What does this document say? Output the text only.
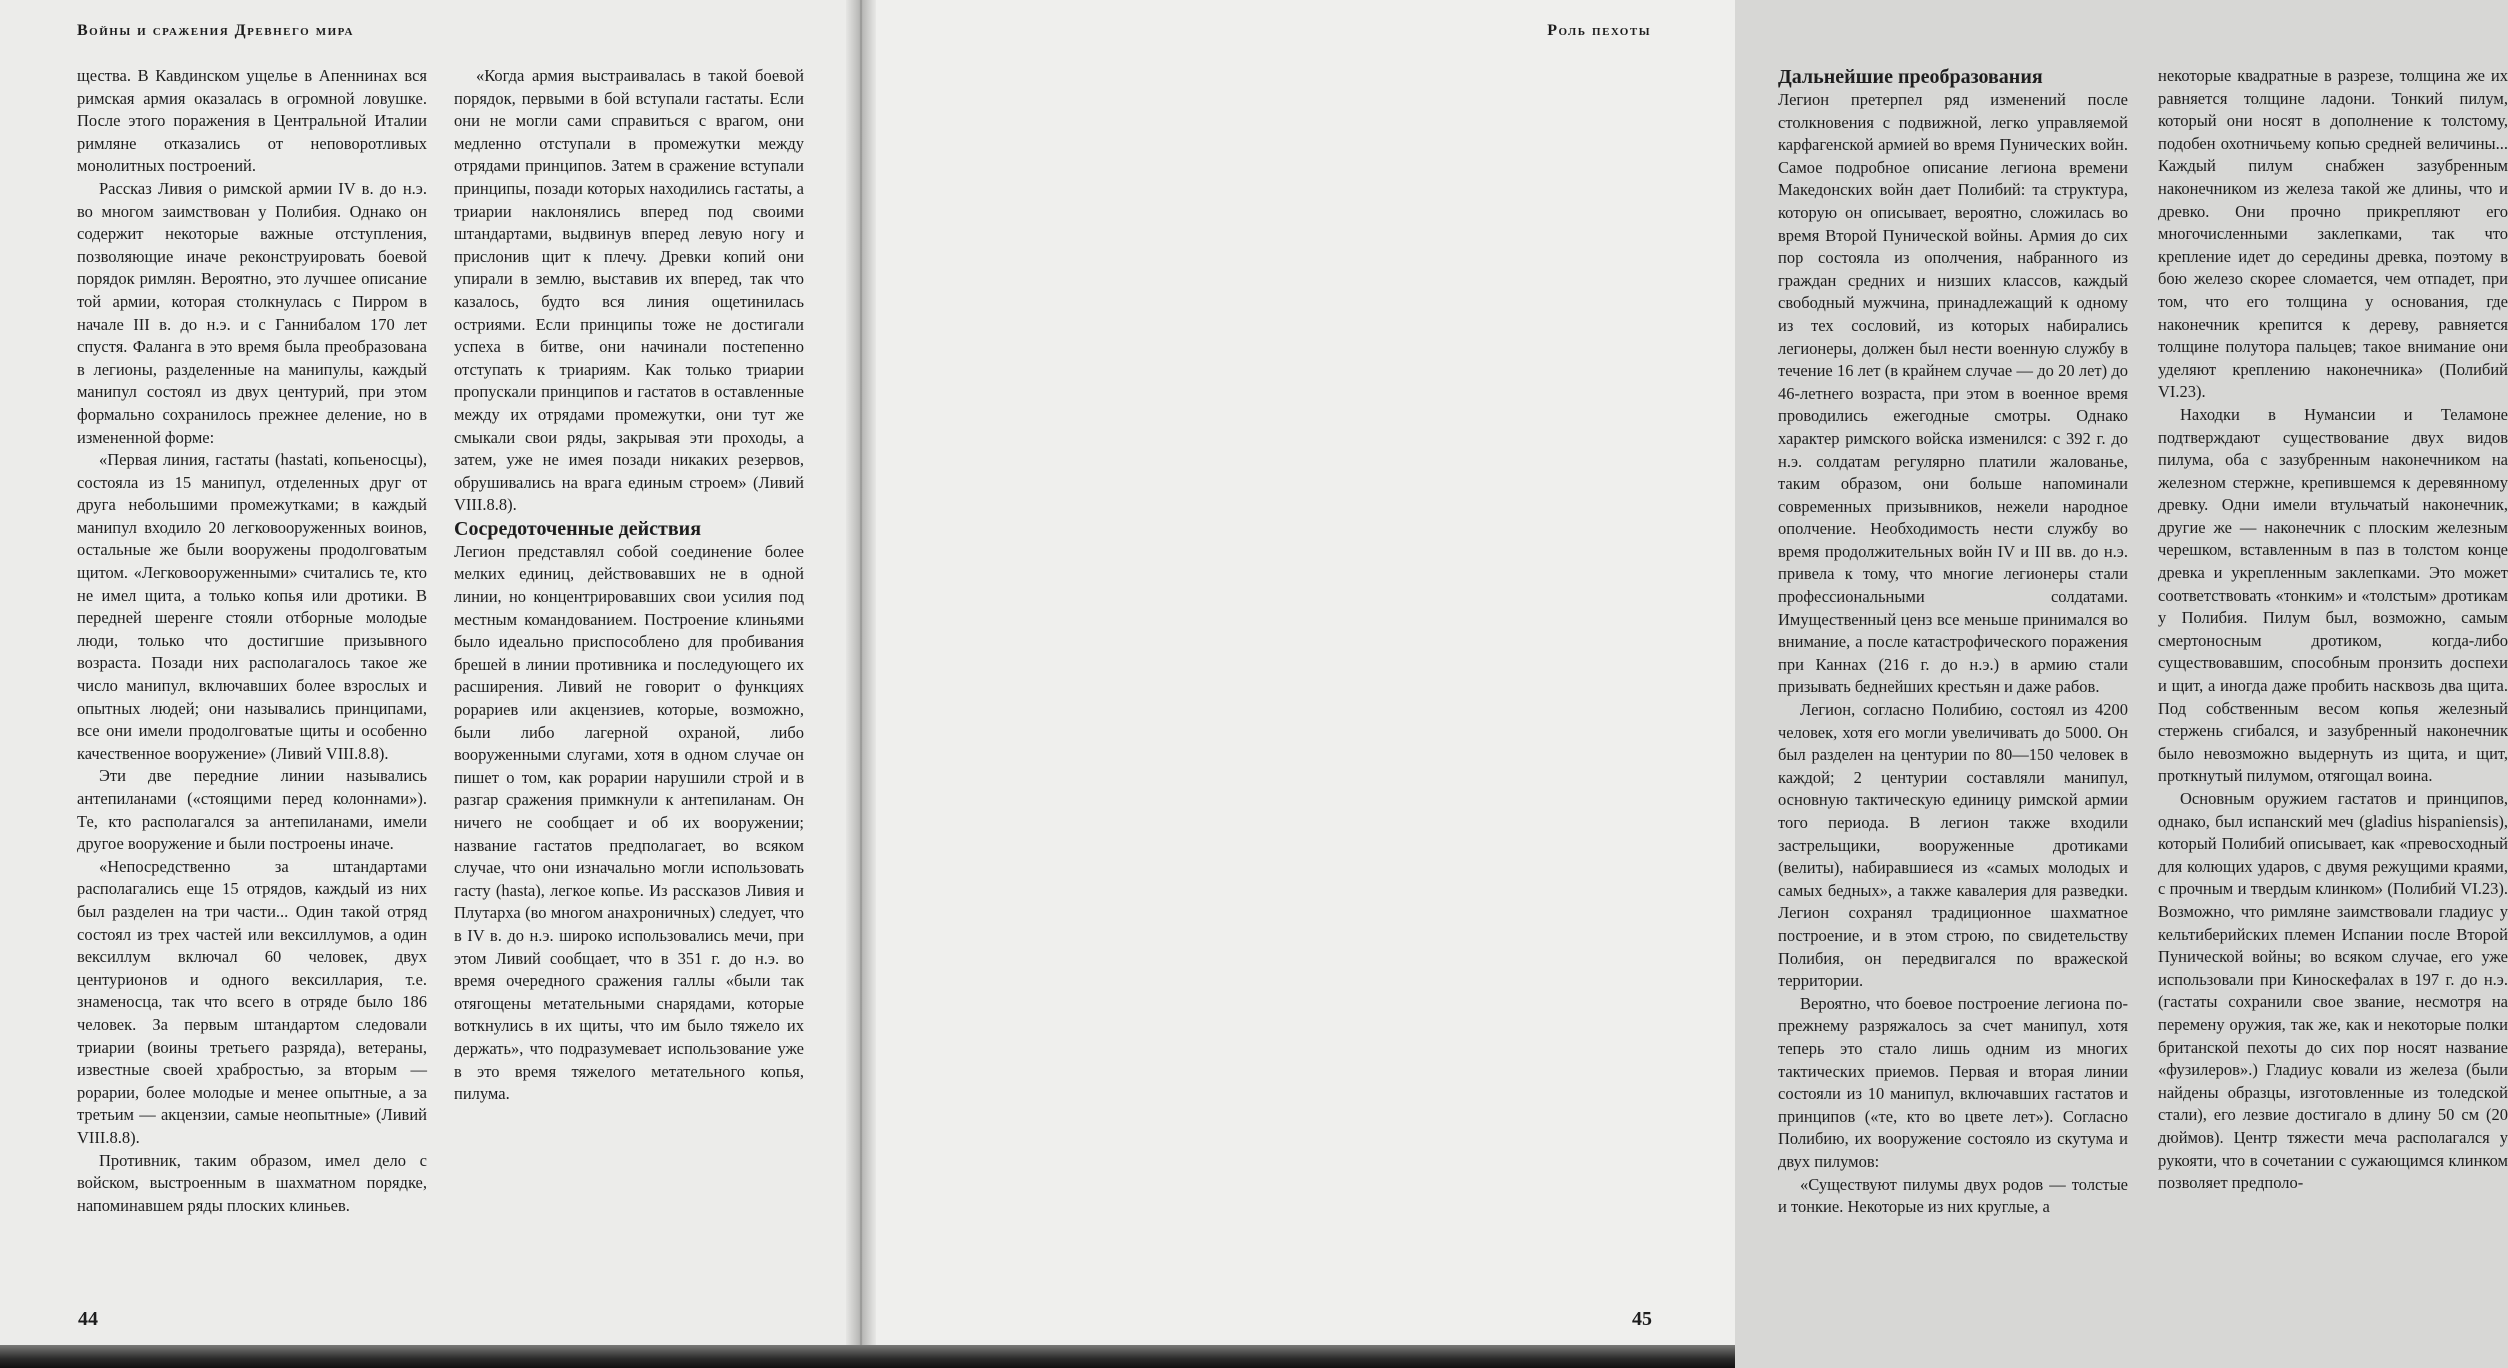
Войны и сражения Древнего мира

щества. В Кавдинском ущелье в Апеннинах вся римская армия оказалась в огромной ловушке. После этого поражения в Центральной Италии римляне отказались от неповоротливых монолитных построений.

Рассказ Ливия о римской армии IV в. до н.э. во многом заимствован у Полибия. Однако он содержит некоторые важные отступления, позволяющие иначе реконструировать боевой порядок римлян. Вероятно, это лучшее описание той армии, которая столкнулась с Пирром в начале III в. до н.э. и с Ганнибалом 170 лет спустя. Фаланга в это время была преобразована в легионы, разделенные на манипулы, каждый манипул состоял из двух центурий, при этом формально сохранилось прежнее деление, но в измененной форме:

«Первая линия, гастаты (hastati, копьеносцы), состояла из 15 манипул, отделенных друг от друга небольшими промежутками; в каждый манипул входило 20 легковооруженных воинов, остальные же были вооружены продолговатым щитом. «Легковооруженными» считались те, кто не имел щита, а только копья или дротики. В передней шеренге стояли отборные молодые люди, только что достигшие призывного возраста. Позади них располагалось такое же число манипул, включавших более взрослых и опытных людей; они назывались принципами, все они имели продолговатые щиты и особенно качественное вооружение» (Ливий VIII.8.8).

Эти две передние линии назывались антепиланами («стоящими перед колоннами»). Те, кто располагался за антепиланами, имели другое вооружение и были построены иначе.

«Непосредственно за штандартами располагались еще 15 отрядов, каждый из них был разделен на три части... Один такой отряд состоял из трех частей или вексиллумов, а один вексиллум включал 60 человек, двух центурионов и одного вексиллария, т.е. знаменосца, так что всего в отряде было 186 человек. За первым штандартом следовали триарии (воины третьего разряда), ветераны, известные своей храбростью, за вторым — рорарии, более молодые и менее опытные, а за третьим — акцензии, самые неопытные» (Ливий VIII.8.8).

Противник, таким образом, имел дело с войском, выстроенным в шахматном порядке, напоминавшем ряды плоских клиньев.

«Когда армия выстраивалась в такой боевой порядок, первыми в бой вступали гастаты. Если они не могли сами справиться с врагом, они медленно отступали в промежутки между отрядами принципов. Затем в сражение вступали принципы, позади которых находились гастаты, а триарии наклонялись вперед под своими штандартами, выдвинув вперед левую ногу и прислонив щит к плечу. Древки копий они упирали в землю, выставив их вперед, так что казалось, будто вся линия ощетинилась остриями. Если принципы тоже не достигали успеха в битве, они начинали постепенно отступать к триариям. Как только триарии пропускали принципов и гастатов в оставленные между их отрядами промежутки, они тут же смыкали свои ряды, закрывая эти проходы, а затем, уже не имея позади никаких резервов, обрушивались на врага единым строем» (Ливий VIII.8.8).

Сосредоточенные действия

Легион представлял собой соединение более мелких единиц, действовавших не в одной линии, но концентрировавших свои усилия под местным командованием. Построение клиньями было идеально приспособлено для пробивания брешей в линии противника и последующего их расширения. Ливий не говорит о функциях рорариев или акцензиев, которые, возможно, были либо лагерной охраной, либо вооруженными слугами, хотя в одном случае он пишет о том, как рорарии нарушили строй и в разгар сражения примкнули к антепиланам. Он ничего не сообщает и об их вооружении; название гастатов предполагает, во всяком случае, что они изначально могли использовать гасту (hasta), легкое копье. Из рассказов Ливия и Плутарха (во многом анахроничных) следует, что в IV в. до н.э. широко использовались мечи, при этом Ливий сообщает, что в 351 г. до н.э. во время очередного сражения галлы «были так отягощены метательными снарядами, которые воткнулись в их щиты, что им было тяжело их держать», что подразумевает использование уже в это время тяжелого метательного копья, пилума.

44
Роль пехоты
Дальнейшие преобразования

Легион претерпел ряд изменений после столкновения с подвижной, легко управляемой карфагенской армией во время Пунических войн. Самое подробное описание легиона времени Македонских войн дает Полибий: та структура, которую он описывает, вероятно, сложилась во время Второй Пунической войны. Армия до сих пор состояла из ополчения, набранного из граждан средних и низших классов, каждый свободный мужчина, принадлежащий к одному из тех сословий, из которых набирались легионеры, должен был нести военную службу в течение 16 лет (в крайнем случае — до 20 лет) до 46-летнего возраста, при этом в военное время проводились ежегодные смотры. Однако характер римского войска изменился: с 392 г. до н.э. солдатам регулярно платили жалованье, таким образом, они больше напоминали современных призывников, нежели народное ополчение. Необходимость нести службу во время продолжительных войн IV и III вв. до н.э. привела к тому, что многие легионеры стали профессиональными солдатами. Имущественный ценз все меньше принимался во внимание, а после катастрофического поражения при Каннах (216 г. до н.э.) в армию стали призывать беднейших крестьян и даже рабов.

Легион, согласно Полибию, состоял из 4200 человек, хотя его могли увеличивать до 5000. Он был разделен на центурии по 80—150 человек в каждой; 2 центурии составляли манипул, основную тактическую единицу римской армии того периода. В легион также входили застрельщики, вооруженные дротиками (велиты), набиравшиеся из «самых молодых и самых бедных», а также кавалерия для разведки. Легион сохранял традиционное шахматное построение, и в этом строю, по свидетельству Полибия, он передвигался по вражеской территории.

Вероятно, что боевое построение легиона по-прежнему разряжалось за счет манипул, хотя теперь это стало лишь одним из многих тактических приемов. Первая и вторая линии состояли из 10 манипул, включавших гастатов и принципов («те, кто во цвете лет»). Согласно Полибию, их вооружение состояло из скутума и двух пилумов:

«Существуют пилумы двух родов — толстые и тонкие. Некоторые из них круглые, а

некоторые квадратные в разрезе, толщина же их равняется толщине ладони. Тонкий пилум, который они носят в дополнение к толстому, подобен охотничьему копью средней величины... Каждый пилум снабжен зазубренным наконечником из железа такой же длины, что и древко. Они прочно прикрепляют его многочисленными заклепками, так что крепление идет до середины древка, поэтому в бою железо скорее сломается, чем отпадет, при том, что его толщина у основания, где наконечник крепится к дереву, равняется толщине полутора пальцев; такое внимание они уделяют креплению наконечника» (Полибий VI.23).

Находки в Нумансии и Теламоне подтверждают существование двух видов пилума, оба с зазубренным наконечником на железном стержне, крепившемся к деревянному древку. Одни имели втульчатый наконечник, другие же — наконечник с плоским железным черешком, вставленным в паз в толстом конце древка и укрепленным заклепками. Это может соответствовать «тонким» и «толстым» дротикам у Полибия. Пилум был, возможно, самым смертоносным дротиком, когда-либо существовавшим, способным пронзить доспехи и щит, а иногда даже пробить насквозь два щита. Под собственным весом копья железный стержень сгибался, и зазубренный наконечник было невозможно выдернуть из щита, и щит, проткнутый пилумом, отягощал воина.

Основным оружием гастатов и принципов, однако, был испанский меч (gladius hispaniensis), который Полибий описывает, как «превосходный для колющих ударов, с двумя режущими краями, с прочным и твердым клинком» (Полибий VI.23). Возможно, что римляне заимствовали гладиус у кельтиберийских племен Испании после Второй Пунической войны; во всяком случае, его уже использовали при Киноскефалах в 197 г. до н.э. (гастаты сохранили свое звание, несмотря на перемену оружия, так же, как и некоторые полки британской пехоты до сих пор носят название «фузилеров».) Гладиус ковали из железа (были найдены образцы, изготовленные из толедской стали), его лезвие достигало в длину 50 см (20 дюймов). Центр тяжести меча располагался у рукояти, что в сочетании с сужающимся клинком позволяет предполо-

45
